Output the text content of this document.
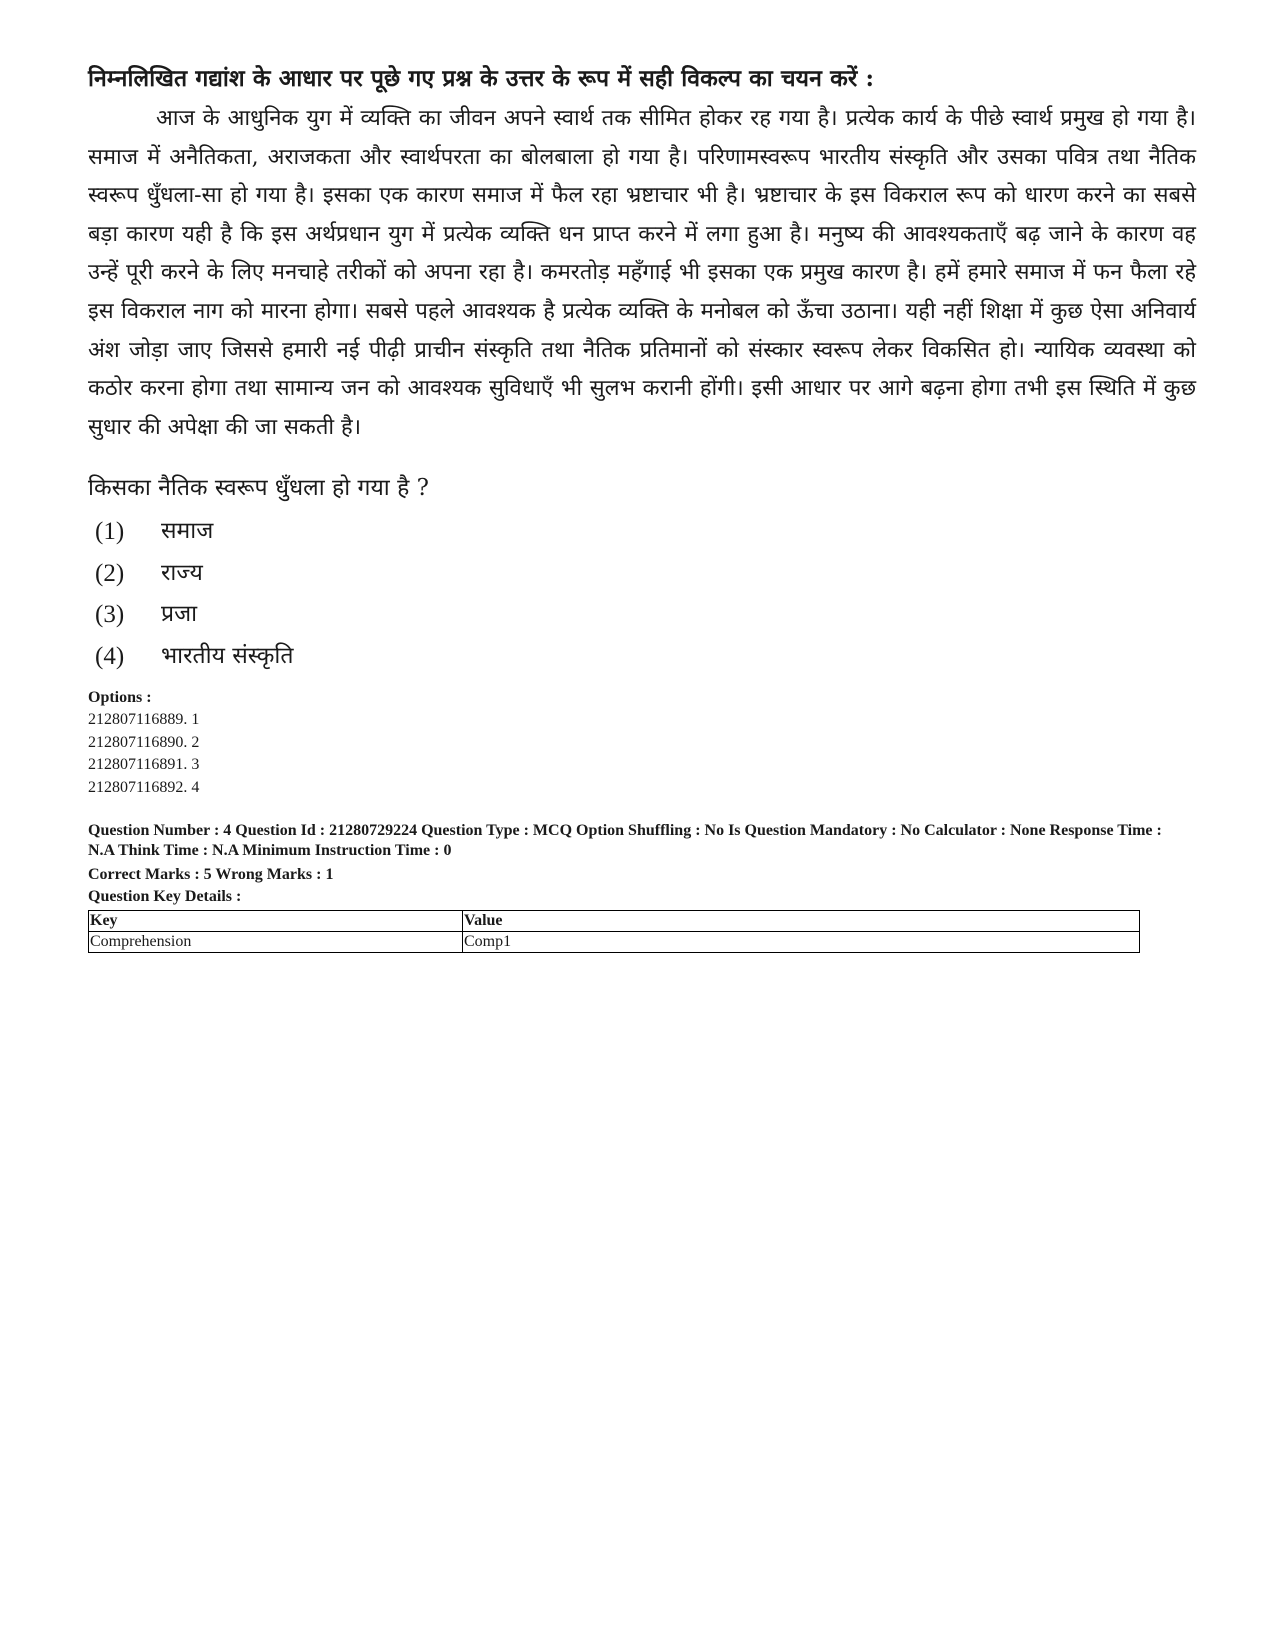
निम्नलिखित गद्यांश के आधार पर पूछे गए प्रश्न के उत्तर के रूप में सही विकल्प का चयन करें :

आज के आधुनिक युग में व्यक्ति का जीवन अपने स्वार्थ तक सीमित होकर रह गया है। प्रत्येक कार्य के पीछे स्वार्थ प्रमुख हो गया है। समाज में अनैतिकता, अराजकता और स्वार्थपरता का बोलबाला हो गया है। परिणामस्वरूप भारतीय संस्कृति और उसका पवित्र तथा नैतिक स्वरूप धुँधला-सा हो गया है। इसका एक कारण समाज में फैल रहा भ्रष्टाचार भी है। भ्रष्टाचार के इस विकराल रूप को धारण करने का सबसे बड़ा कारण यही है कि इस अर्थप्रधान युग में प्रत्येक व्यक्ति धन प्राप्त करने में लगा हुआ है। मनुष्य की आवश्यकताएँ बढ़ जाने के कारण वह उन्हें पूरी करने के लिए मनचाहे तरीकों को अपना रहा है। कमरतोड़ महँगाई भी इसका एक प्रमुख कारण है। हमें हमारे समाज में फन फैला रहे इस विकराल नाग को मारना होगा। सबसे पहले आवश्यक है प्रत्येक व्यक्ति के मनोबल को ऊँचा उठाना। यही नहीं शिक्षा में कुछ ऐसा अनिवार्य अंश जोड़ा जाए जिससे हमारी नई पीढ़ी प्राचीन संस्कृति तथा नैतिक प्रतिमानों को संस्कार स्वरूप लेकर विकसित हो। न्यायिक व्यवस्था को कठोर करना होगा तथा सामान्य जन को आवश्यक सुविधाएँ भी सुलभ करानी होंगी। इसी आधार पर आगे बढ़ना होगा तभी इस स्थिति में कुछ सुधार की अपेक्षा की जा सकती है।

किसका नैतिक स्वरूप धुँधला हो गया है ?

(1)	समाज
(2)	राज्य
(3)	प्रजा
(4)	भारतीय संस्कृति
Options :
212807116889. 1
212807116890. 2
212807116891. 3
212807116892. 4
Question Number : 4 Question Id : 21280729224 Question Type : MCQ Option Shuffling : No Is Question Mandatory : No Calculator : None Response Time : N.A Think Time : N.A Minimum Instruction Time : 0
Correct Marks : 5 Wrong Marks : 1
Question Key Details :
Key	Value
Comprehension	Comp1
